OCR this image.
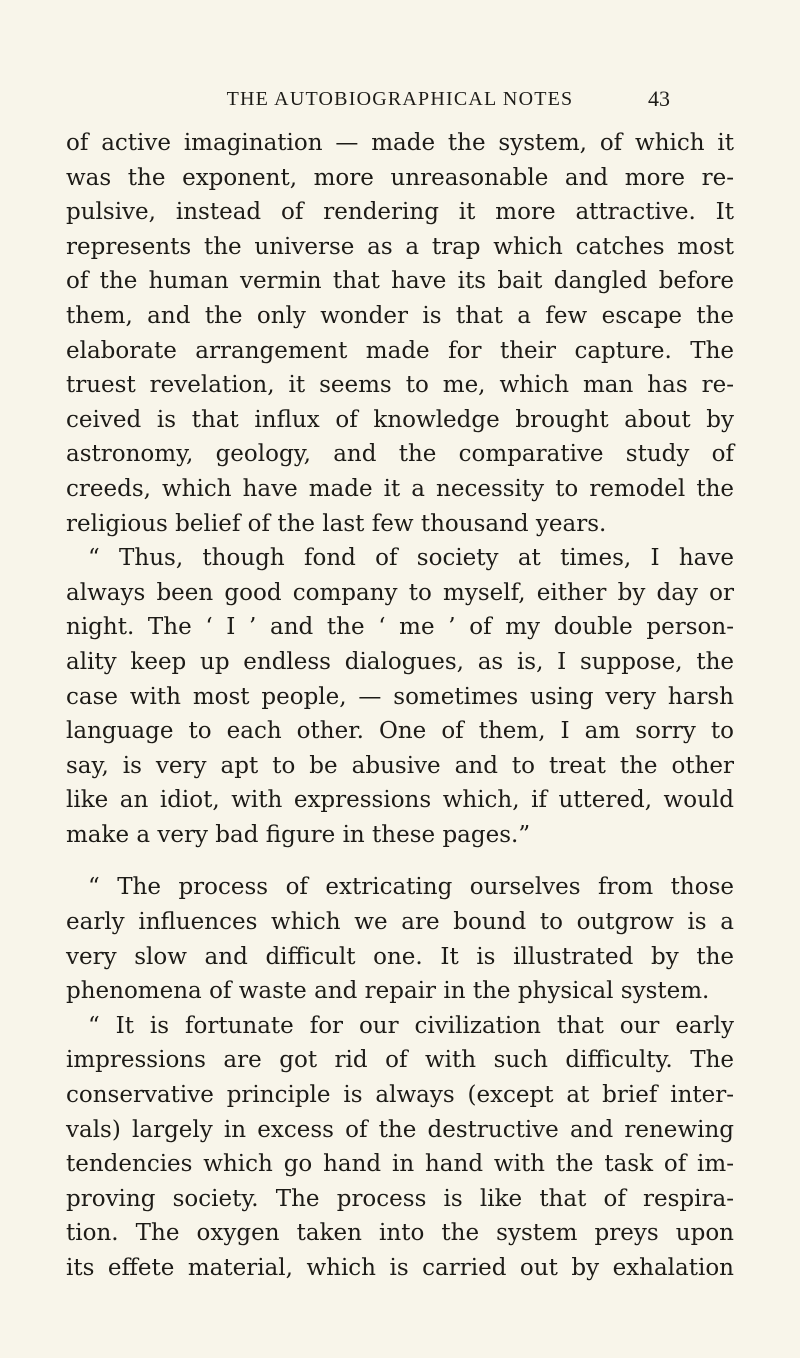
THE AUTOBIOGRAPHICAL NOTES	43
of active imagination — made the system, of which it
was the exponent, more unreasonable and more re-
pulsive, instead of rendering it more attractive. It
represents the universe as a trap which catches most
of the human vermin that have its bait dangled before
them, and the only wonder is that a few escape the
elaborate arrangement made for their capture. The
truest revelation, it seems to me, which man has re-
ceived is that influx of knowledge brought about by
astronomy, geology, and the comparative study of
creeds, which have made it a necessity to remodel the
religious belief of the last few thousand years.
“ Thus, though fond of society at times, I have
always been good company to myself, either by day or
night. The ‘ I ’ and the ‘ me ’ of my double person-
ality keep up endless dialogues, as is, I suppose, the
case with most people, — sometimes using very harsh
language to each other. One of them, I am sorry to
say, is very apt to be abusive and to treat the other
like an idiot, with expressions which, if uttered, would
make a very bad figure in these pages.”
“ The process of extricating ourselves from those
early influences which we are bound to outgrow is a
very slow and difficult one. It is illustrated by the
phenomena of waste and repair in the physical system.
“ It is fortunate for our civilization that our early
impressions are got rid of with such difficulty. The
conservative principle is always (except at brief inter-
vals) largely in excess of the destructive and renewing
tendencies which go hand in hand with the task of im-
proving society. The process is like that of respira-
tion. The oxygen taken into the system preys upon
its effete material, which is carried out by exhalation
